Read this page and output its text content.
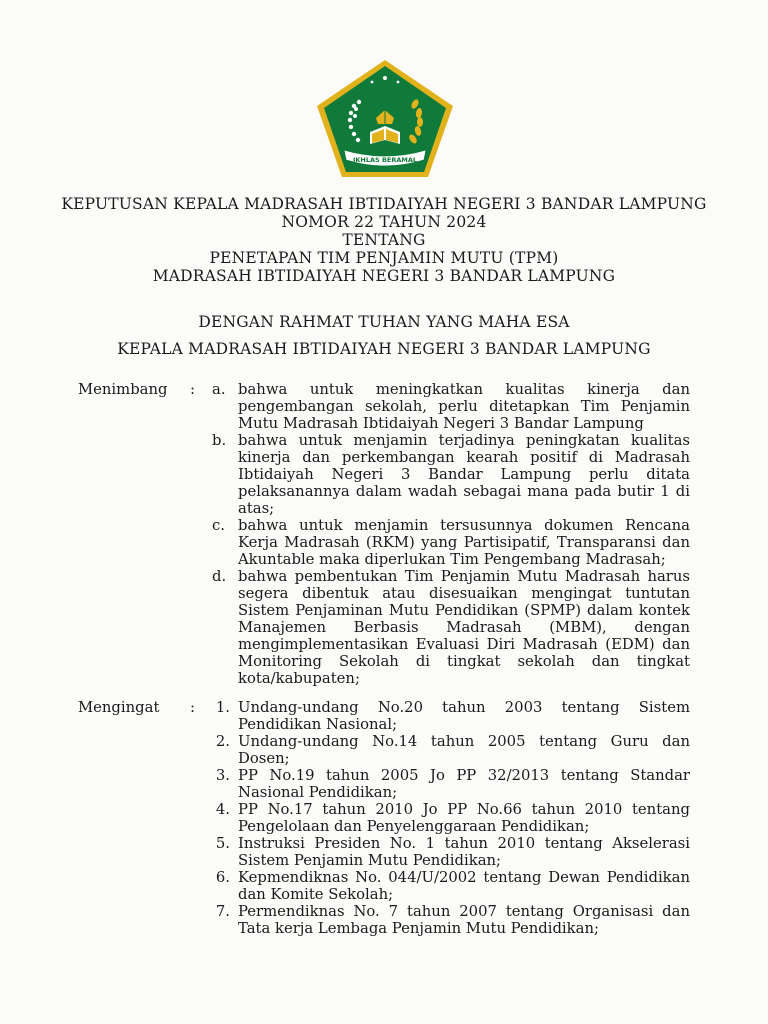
IKHLAS BERAMAL
KEPUTUSAN KEPALA MADRASAH IBTIDAIYAH NEGERI 3 BANDAR LAMPUNG
NOMOR 22 TAHUN 2024
TENTANG
PENETAPAN TIM PENJAMIN MUTU (TPM)
MADRASAH IBTIDAIYAH NEGERI 3 BANDAR LAMPUNG
DENGAN RAHMAT TUHAN YANG MAHA ESA
KEPALA MADRASAH IBTIDAIYAH NEGERI 3 BANDAR LAMPUNG
Menimbang : a. bahwa untuk meningkatkan kualitas kinerja dan pengembangan sekolah, perlu ditetapkan Tim Penjamin Mutu Madrasah Ibtidaiyah Negeri 3 Bandar Lampung
b. bahwa untuk menjamin terjadinya peningkatan kualitas kinerja dan perkembangan kearah positif di Madrasah Ibtidaiyah Negeri 3 Bandar Lampung perlu ditata pelaksanannya dalam wadah sebagai mana pada butir 1 di atas;
c. bahwa untuk menjamin tersusunnya dokumen Rencana Kerja Madrasah (RKM) yang Partisipatif, Transparansi dan Akuntable maka diperlukan Tim Pengembang Madrasah;
d. bahwa pembentukan Tim Penjamin Mutu Madrasah harus segera dibentuk atau disesuaikan mengingat tuntutan Sistem Penjaminan Mutu Pendidikan (SPMP) dalam kontek Manajemen Berbasis Madrasah (MBM), dengan mengimplementasikan Evaluasi Diri Madrasah (EDM) dan Monitoring Sekolah di tingkat sekolah dan tingkat kota/kabupaten;
Mengingat : 1. Undang-undang No.20 tahun 2003 tentang Sistem Pendidikan Nasional;
2. Undang-undang No.14 tahun 2005 tentang Guru dan Dosen;
3. PP No.19 tahun 2005 Jo PP 32/2013 tentang Standar Nasional Pendidikan;
4. PP No.17 tahun 2010 Jo PP No.66 tahun 2010 tentang Pengelolaan dan Penyelenggaraan Pendidikan;
5. Instruksi Presiden No. 1 tahun 2010 tentang Akselerasi Sistem Penjamin Mutu Pendidikan;
6. Kepmendiknas No. 044/U/2002 tentang Dewan Pendidikan dan Komite Sekolah;
7. Permendiknas No. 7 tahun 2007 tentang Organisasi dan Tata kerja Lembaga Penjamin Mutu Pendidikan;
